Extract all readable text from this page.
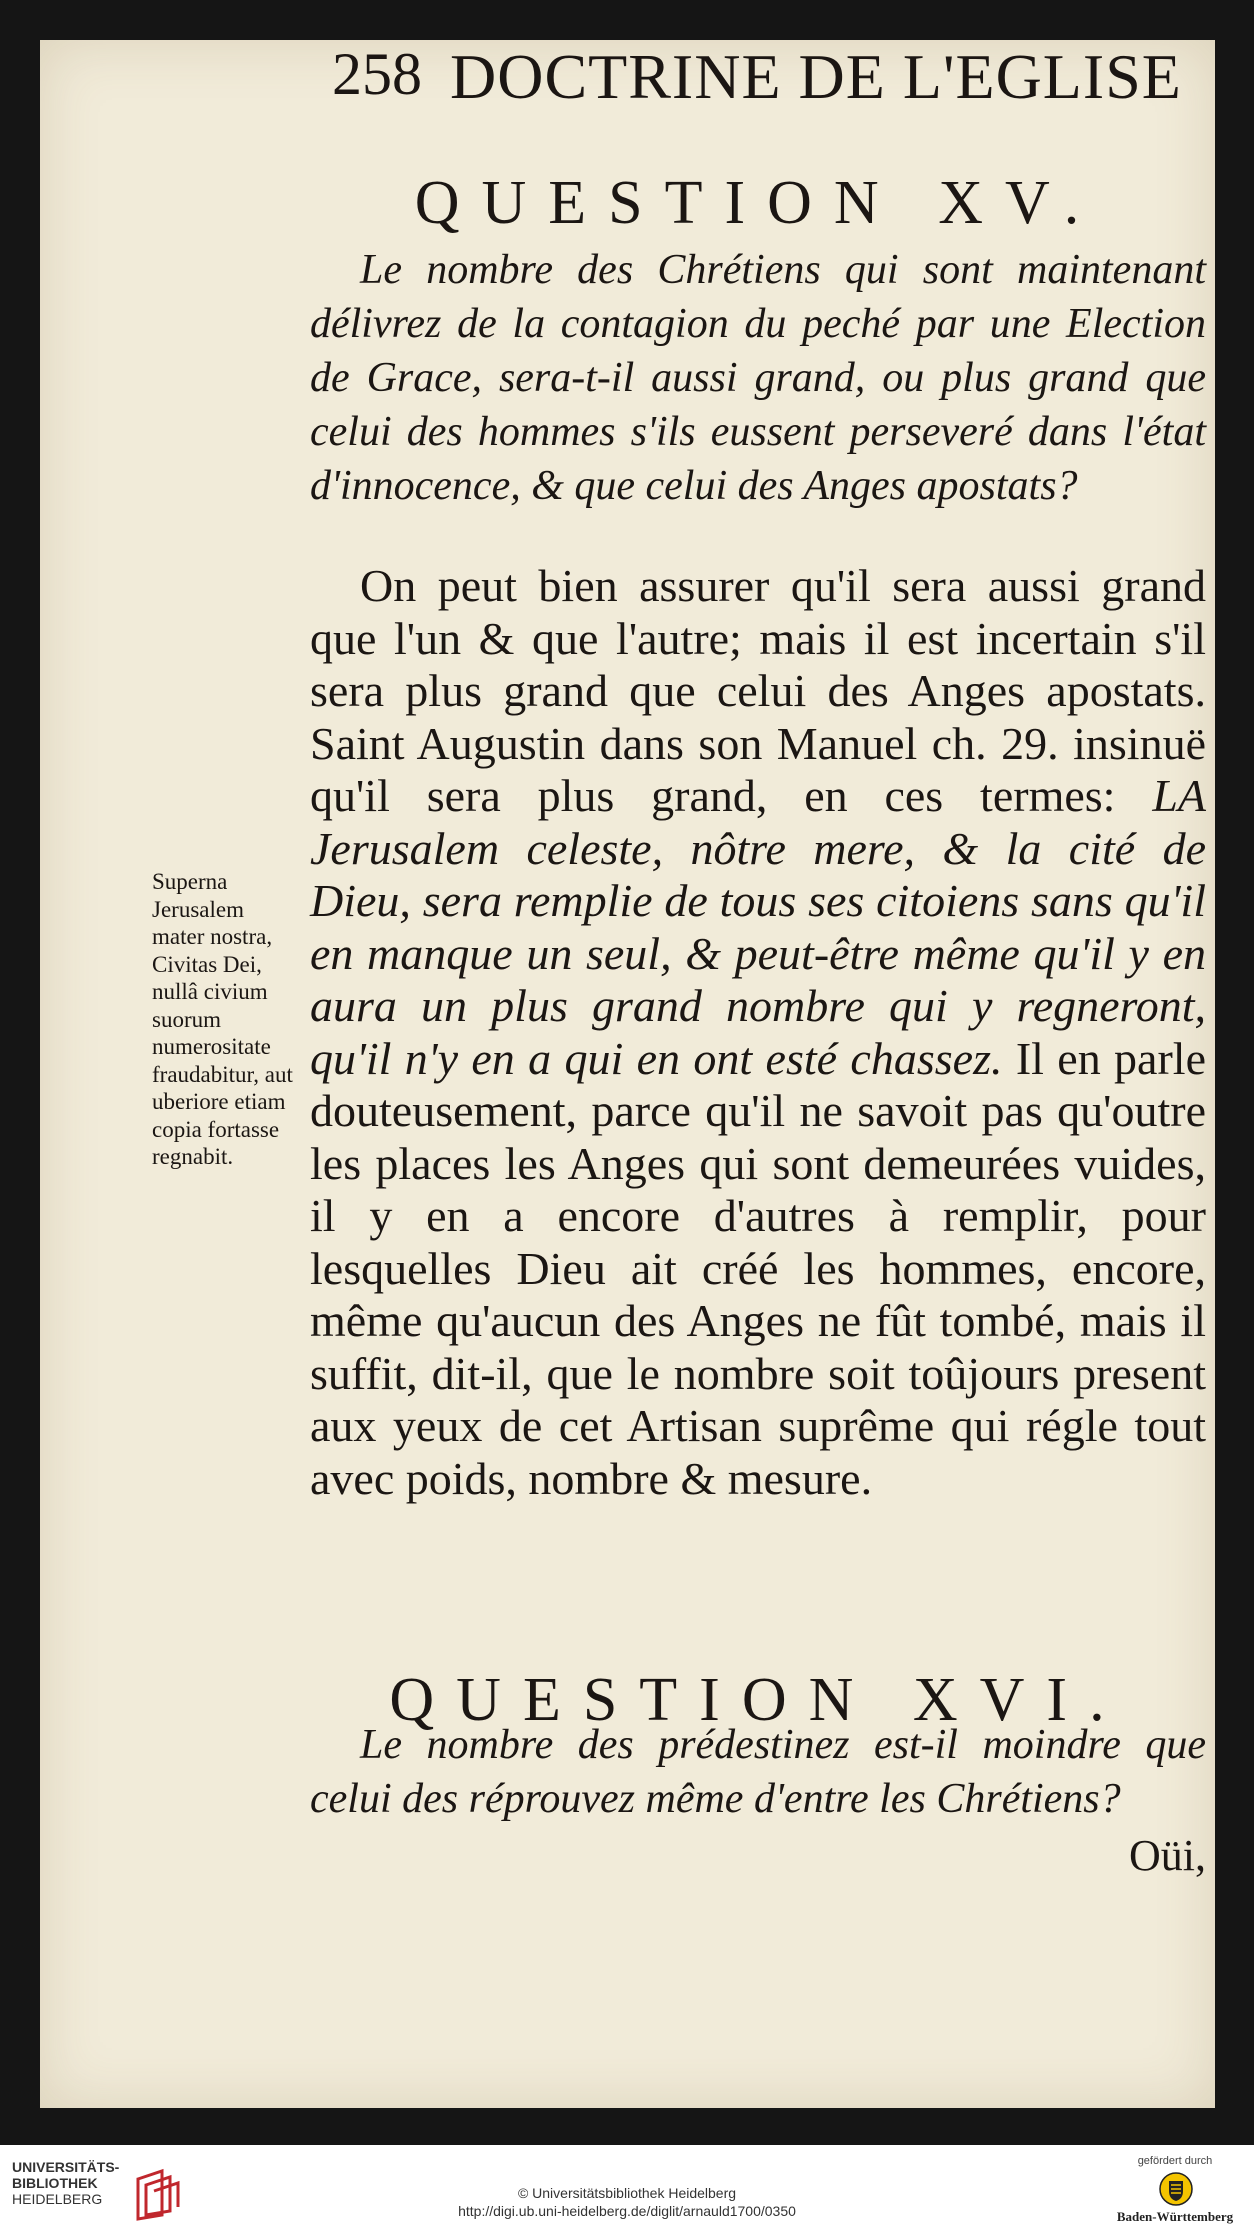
258 DOCTRINE DE L'EGLISE
QUESTION XV.
Le nombre des Chrétiens qui sont maintenant délivrez de la contagion du peché par une Election de Grace, sera-t-il aussi grand, ou plus grand que celui des hommes s'ils eussent perseveré dans l'état d'innocence, & que celui des Anges apostats?
On peut bien assurer qu'il sera aussi grand que l'un & que l'autre; mais il est incertain s'il sera plus grand que celui des Anges apostats. Saint Augustin dans son Manuel ch. 29. insinuë qu'il sera plus grand, en ces termes: LA Jerusalem celeste, nôtre mere, & la cité de Dieu, sera remplie de tous ses citoiens sans qu'il en manque un seul, & peut-être même qu'il y en aura un plus grand nombre qui y regneront, qu'il n'y en a qui en ont esté chassez. Il en parle douteusement, parce qu'il ne savoit pas qu'outre les places les Anges qui sont demeurées vuides, il y en a encore d'autres à remplir, pour lesquelles Dieu ait créé les hommes, encore, même qu'aucun des Anges ne fût tombé, mais il suffit, dit-il, que le nombre soit toûjours present aux yeux de cet Artisan suprême qui régle tout avec poids, nombre & mesure.
Superna Jerusalem mater nostra, Civitas Dei, nullâ civium suorum numerositate fraudabitur, aut uberiore etiam copia fortasse regnabit.
QUESTION XVI.
Le nombre des prédestinez est-il moindre que celui des réprouvez même d'entre les Chrétiens?
Oüi,
UNIVERSITÄTS-
BIBLIOTHEK
HEIDELBERG	© Universitätsbibliothek Heidelberg
http://digi.ub.uni-heidelberg.de/diglit/arnauld1700/0350
gefördert durch
Baden-Württemberg
